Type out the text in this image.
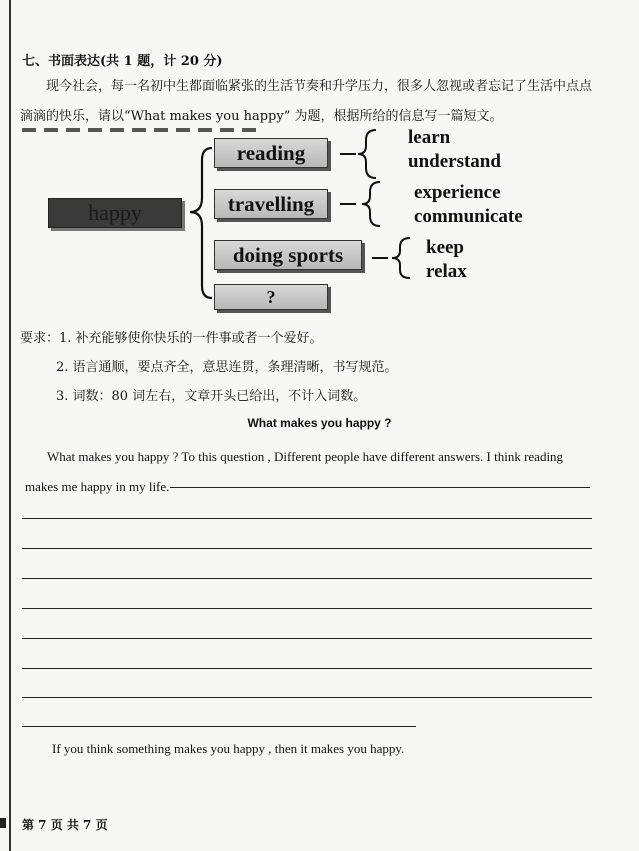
七、书面表达(共 1 题，计 20 分)
现今社会，每一名初中生都面临紧张的生活节奏和升学压力，很多人忽视或者忘记了生活中点点滴滴的快乐，请以“What makes you happy” 为题，根据所给的信息写一篇短文。
happy
reading
travelling
doing sports
?
learn
understand
experience
communicate
keep
relax
要求：1. 补充能够使你快乐的一件事或者一个爱好。
2. 语言通顺，要点齐全，意思连贯，条理清晰，书写规范。
3. 词数：80 词左右，文章开头已给出，不计入词数。
What makes you happy ?
What makes you happy ? To this question , Different people have different answers. I think reading makes me happy in my life.
If you think something makes you happy , then it makes you happy.
第 7 页 共 7 页
